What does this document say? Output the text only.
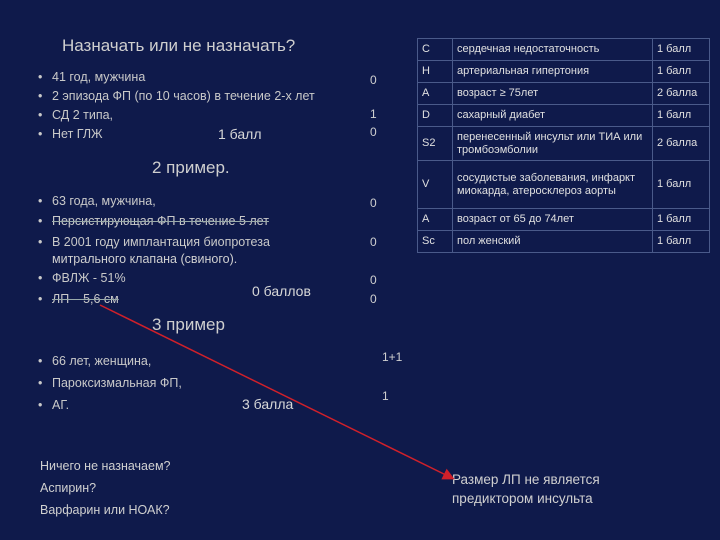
Назначать или не назначать?
• 41 год, мужчина
• 2 эпизода ФП (по 10 часов) в течение 2-х лет
• СД 2 типа,
• Нет ГЛЖ	1 балл
0
1
0
2 пример.
• 63 года, мужчина,
• Персистирующая ФП в течение 5 лет
• В 2001 году имплантация биопротеза
митрального клапана (свиного).
• ФВЛЖ - 51%
• ЛП – 5,6 см	0 баллов
0
0
0
0
3 пример
• 66 лет, женщина,
• Пароксизмальная ФП,
• АГ.	3 балла
1+1
1
Ничего не назначаем?
Аспирин?
Варфарин или НОАК?
Размер ЛП не является предиктором инсульта
C	сердечная недостаточность	1 балл
H	артериальная гипертония	1 балл
A	возраст ≥ 75лет	2 балла
D	сахарный диабет	1 балл
S2	перенесенный инсульт или ТИА или тромбоэмболии	2 балла
V	сосудистые заболевания, инфаркт миокарда, атеросклероз аорты	1 балл
A	возраст от 65 до 74лет	1 балл
Sc	пол женский	1 балл
